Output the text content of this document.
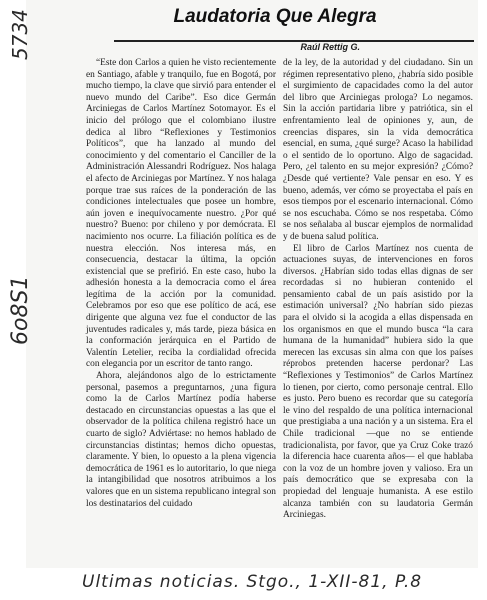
Laudatoria Que Alegra
Raúl Rettig G.

“Este don Carlos a quien he visto recientemente en Santiago, afable y tranquilo, fue en Bogotá, por mucho tiempo, la clave que sirvió para entender el nuevo mundo del Caribe”. Eso dice Germán Arciniegas de Carlos Martínez Sotomayor. Es el inicio del prólogo que el colombiano ilustre dedica al libro “Reflexiones y Testimonios Políticos”, que ha lanzado al mundo del conocimiento y del comentario el Canciller de la Administración Alessandri Rodríguez. Nos halaga el afecto de Arciniegas por Martínez. Y nos halaga porque trae sus raíces de la ponderación de las condiciones intelectuales que posee un hombre, aún joven e inequívocamente nuestro. ¿Por qué nuestro? Bueno: por chileno y por demócrata. El nacimiento nos ocurre. La filiación política es de nuestra elección. Nos interesa más, en consecuencia, destacar la última, la opción existencial que se prefirió. En este caso, hubo la adhesión honesta a la democracia como el área legítima de la acción por la comunidad. Celebramos por eso que ese político de acá, ese dirigente que alguna vez fue el conductor de las juventudes radicales y, más tarde, pieza básica en la conformación jerárquica en el Partido de Valentín Letelier, reciba la cordialidad ofrecida con elegancia por un escritor de tanto rango.

Ahora, alejándonos algo de lo estrictamente personal, pasemos a preguntarnos, ¿una figura como la de Carlos Martínez podía haberse destacado en circunstancias opuestas a las que el observador de la política chilena registró hace un cuarto de siglo? Adviértase: no hemos hablado de circunstancias distintas; hemos dicho opuestas, claramente. Y bien, lo opuesto a la plena vigencia democrática de 1961 es lo autoritario, lo que niega la intangibilidad que nosotros atribuimos a los valores que en un sistema republicano integral son los destinatarios del cuidado

de la ley, de la autoridad y del ciudadano. Sin un régimen representativo pleno, ¿habría sido posible el surgimiento de capacidades como la del autor del libro que Arciniegas prologa? Lo negamos. Sin la acción partidaria libre y patriótica, sin el enfrentamiento leal de opiniones y, aun, de creencias dispares, sin la vida democrática esencial, en suma, ¿qué surge? Acaso la habilidad o el sentido de lo oportuno. Algo de sagacidad. Pero, ¿el talento en su mejor expresión? ¿Cómo? ¿Desde qué vertiente? Vale pensar en eso. Y es bueno, además, ver cómo se proyectaba el país en esos tiempos por el escenario internacional. Cómo se nos escuchaba. Cómo se nos respetaba. Cómo se nos señalaba al buscar ejemplos de normalidad y de buena salud política.

El libro de Carlos Martínez nos cuenta de actuaciones suyas, de intervenciones en foros diversos. ¿Habrían sido todas ellas dignas de ser recordadas si no hubieran contenido el pensamiento cabal de un país asistido por la estimación universal? ¿No habrían sido piezas para el olvido si la acogida a ellas dispensada en los organismos en que el mundo busca “la cara humana de la humanidad” hubiera sido la que merecen las excusas sin alma con que los países réprobos pretenden hacerse perdonar? Las “Reflexiones y Testimonios” de Carlos Martínez lo tienen, por cierto, como personaje central. Ello es justo. Pero bueno es recordar que su categoría le vino del respaldo de una política internacional que prestigiaba a una nación y a un sistema. Era el Chile tradicional —que no se entiende tradicionalista, por favor, que ya Cruz Coke trazó la diferencia hace cuarenta años— el que hablaba con la voz de un hombre joven y valioso. Era un país democrático que se expresaba con la propiedad del lenguaje humanista. A ese estilo alcanza también con su laudatoria Germán Arciniegas.

5734
6o8S1
Ultimas noticias. Stgo., 1-XII-81, P.8
